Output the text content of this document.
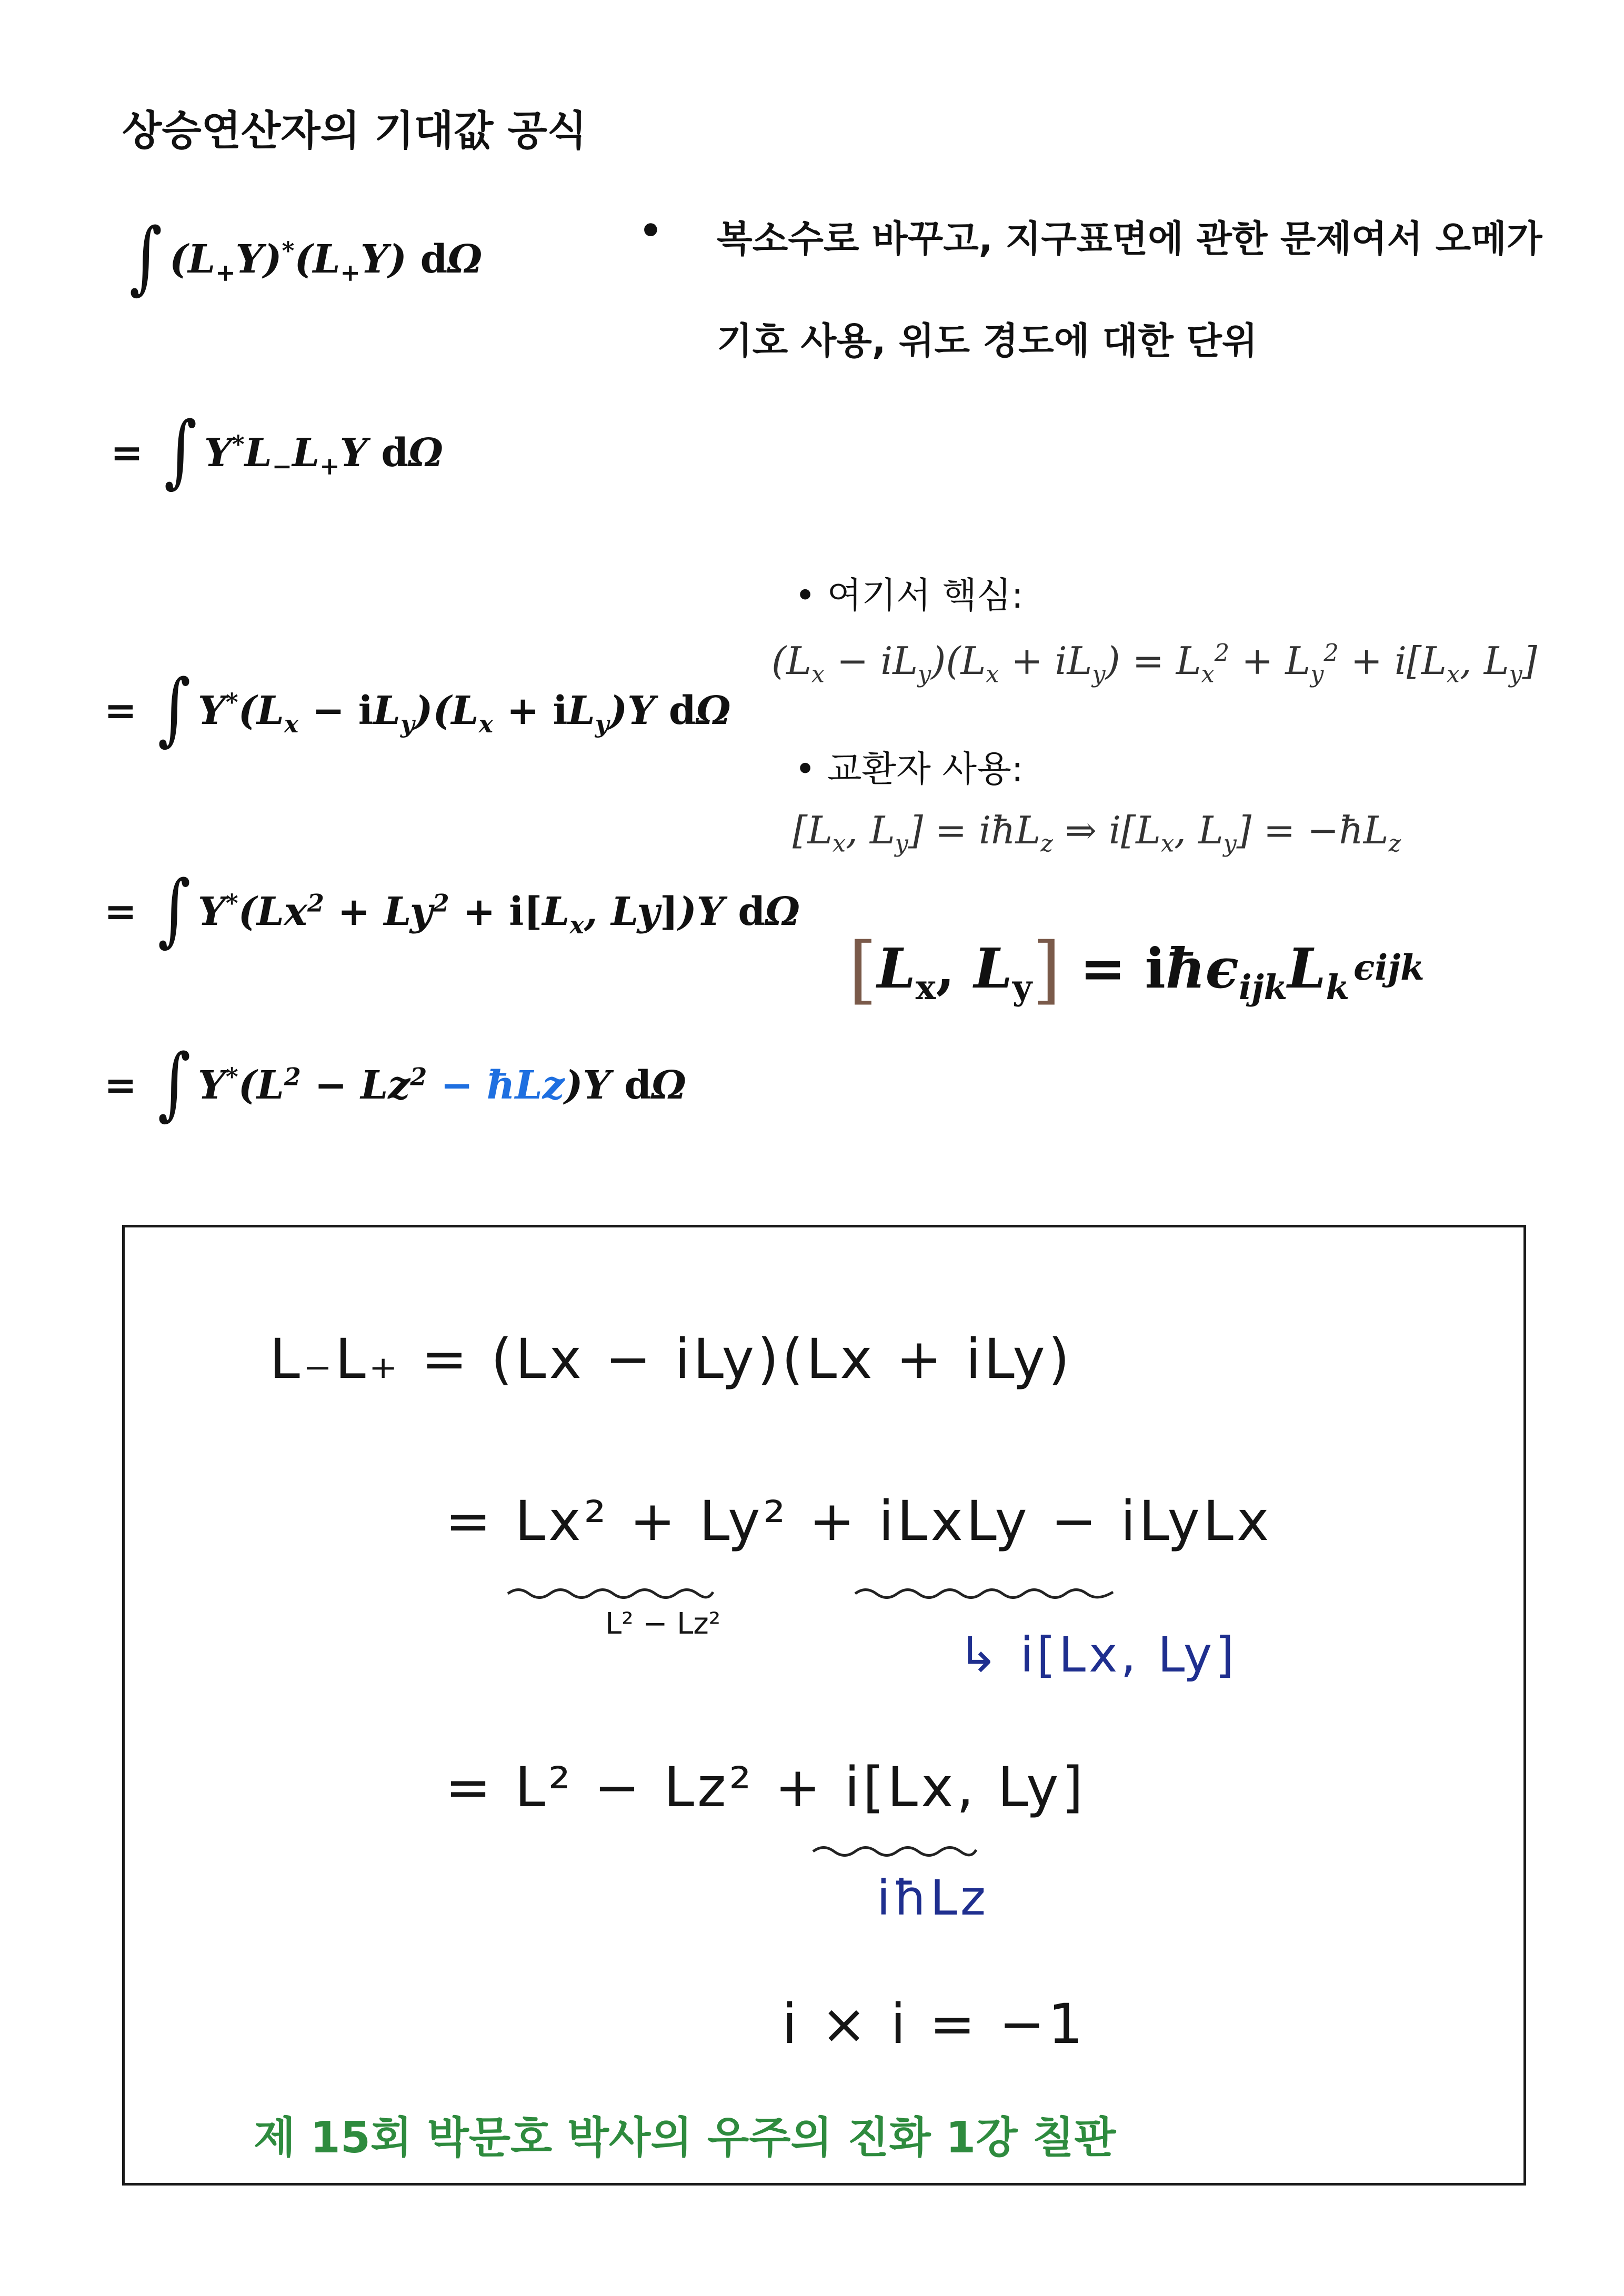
상승연산자의 기대값 공식
• 복소수로 바꾸고, 지구표면에 관한 문제여서 오메가
기호 사용, 위도 경도에 대한 단위
∫ $(L_+Y)^*(L_+Y)$ dΩ
= ∫ $Y^*L_-L_+Y$ dΩ
= ∫ $Y^*(L_x - iL_y)(L_x + iL_y)Y$ dΩ
= ∫ $Y^*(Lx^2 + Ly^2 + i[L_x$, Ly])Y dΩ
= ∫ $Y^*(L^2 - Lz^2$ − ħLz)Y dΩ
• 여기서 핵심:
$(L_x - iL_y)(L_x + iL_y) = L_x^2 + L_y^2 + i[L_x$, $L_y$]
• 교환자 사용:
[$L_x$, $L_y$] = iħL$_z$ ⇒ $i[L_x$, $L_y$] = $-ħL_z$
[$L_x$, $L_y$] = $iħ\epsilon_{ijk}L_k$ ϵijk
L₋L₊ = (Lx − iLy)(Lx + iLy)
= Lx² + Ly² + iLxLy − iLyLx
L² − Lz²
↳ i[Lx, Ly]
= L² − Lz² + i[Lx, Ly]
iħLz
i × i = −1
제 15회 박문호 박사의 우주의 진화 1강 칠판
